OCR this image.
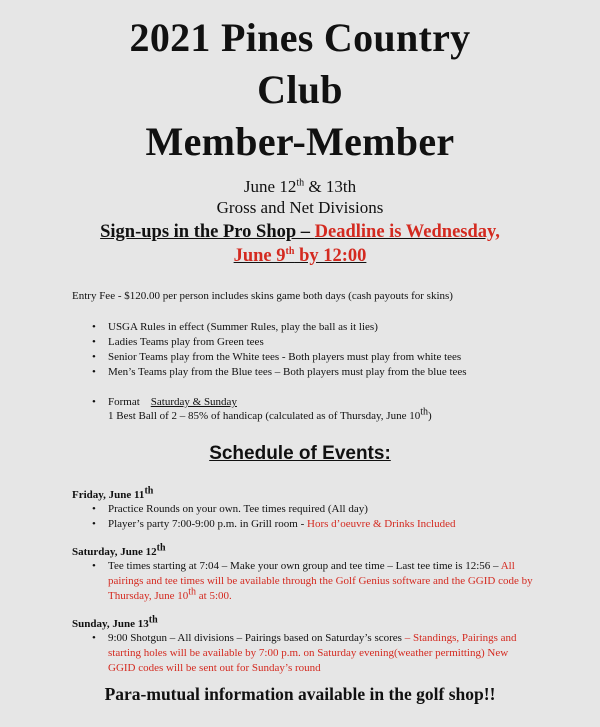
2021 Pines Country
Club
Member-Member

June 12th & 13th

Gross and Net Divisions

Sign-ups in the Pro Shop – Deadline is Wednesday,
June 9th by 12:00

Entry Fee - $120.00 per person includes skins game both days (cash payouts for skins)

• USGA Rules in effect (Summer Rules, play the ball as it lies)
• Ladies Teams play from Green tees
• Senior Teams play from the White tees - Both players must play from white tees
• Men’s Teams play from the Blue tees – Both players must play from the blue tees
• Format Saturday & Sunday
1 Best Ball of 2 – 85% of handicap (calculated as of Thursday, June 10th)
Schedule of Events:
Friday, June 11th
• Practice Rounds on your own. Tee times required (All day)
• Player’s party 7:00-9:00 p.m. in Grill room - Hors d’oeuvre & Drinks Included
Saturday, June 12th
• Tee times starting at 7:04 – Make your own group and tee time – Last tee time is 12:56 – All pairings and tee times will be available through the Golf Genius software and the GGID code by Thursday, June 10th at 5:00.
Sunday, June 13th
• 9:00 Shotgun – All divisions – Pairings based on Saturday’s scores – Standings, Pairings and starting holes will be available by 7:00 p.m. on Saturday evening(weather permitting) New GGID codes will be sent out for Sunday’s round

Para-mutual information available in the golf shop!!
